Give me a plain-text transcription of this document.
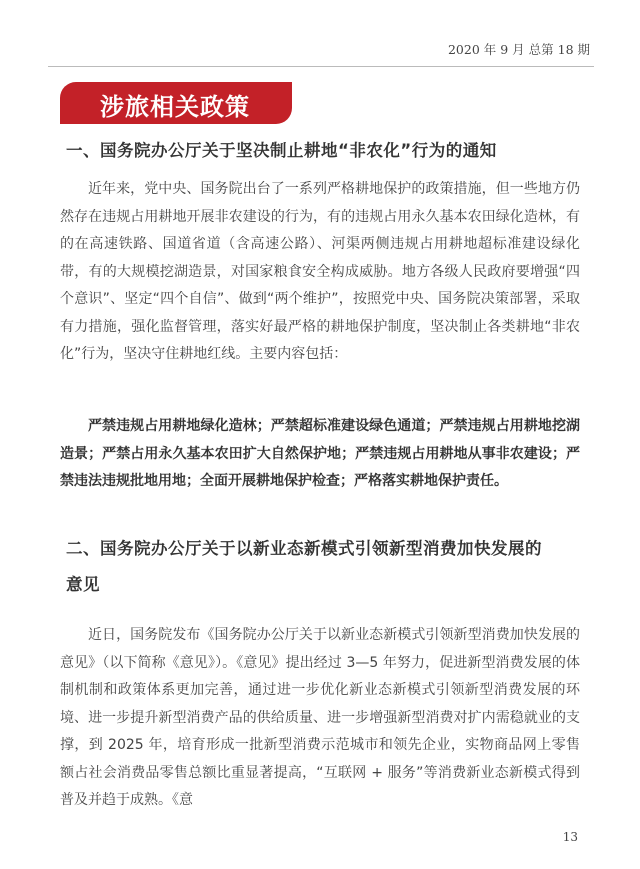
2020 年 9 月 总第 18 期
涉旅相关政策
一、国务院办公厅关于坚决制止耕地“非农化”行为的通知

近年来，党中央、国务院出台了一系列严格耕地保护的政策措施，但一些地方仍然存在违规占用耕地开展非农建设的行为，有的违规占用永久基本农田绿化造林，有的在高速铁路、国道省道（含高速公路）、河渠两侧违规占用耕地超标准建设绿化带，有的大规模挖湖造景，对国家粮食安全构成威胁。地方各级人民政府要增强“四个意识”、坚定“四个自信”、做到“两个维护”，按照党中央、国务院决策部署，采取有力措施，强化监督管理，落实好最严格的耕地保护制度，坚决制止各类耕地“非农化”行为，坚决守住耕地红线。主要内容包括：

严禁违规占用耕地绿化造林；严禁超标准建设绿色通道；严禁违规占用耕地挖湖造景；严禁占用永久基本农田扩大自然保护地；严禁违规占用耕地从事非农建设；严禁违法违规批地用地；全面开展耕地保护检查；严格落实耕地保护责任。

二、国务院办公厅关于以新业态新模式引领新型消费加快发展的
意见

近日，国务院发布《国务院办公厅关于以新业态新模式引领新型消费加快发展的意见》（以下简称《意见》）。《意见》提出经过 3—5 年努力，促进新型消费发展的体制机制和政策体系更加完善，通过进一步优化新业态新模式引领新型消费发展的环境、进一步提升新型消费产品的供给质量、进一步增强新型消费对扩内需稳就业的支撑，到 2025 年，培育形成一批新型消费示范城市和领先企业，实物商品网上零售额占社会消费品零售总额比重显著提高，“互联网 + 服务”等消费新业态新模式得到普及并趋于成熟。《意

13
